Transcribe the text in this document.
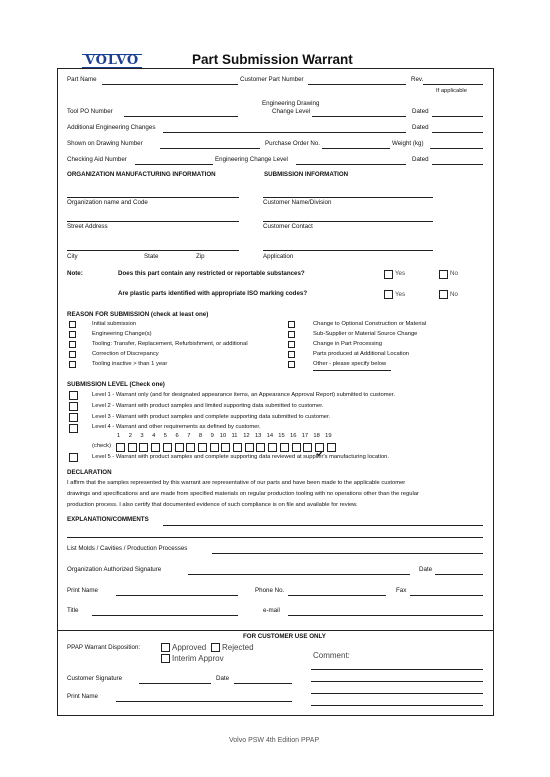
VOLVO	Part Submission Warrant
Part Name	Customer Part Number	Rev.
If applicable
Engineering Drawing
Tool PO Number	Change Level	Dated
Additional Engineering Changes	Dated
Shown on Drawing Number	Purchase Order No.	Weight (kg)
Checking Aid Number	Engineering Change Level	Dated
ORGANIZATION MANUFACTURING INFORMATION	SUBMISSION INFORMATION
Organization name and Code	Customer Name/Division
Street Address	Customer Contact
City	State	Zip	Application
Note:	Does this part contain any restricted or reportable substances?	Yes	No
Are plastic parts identified with appropriate ISO marking codes?	Yes	No
REASON FOR SUBMISSION (check at least one)
Initial submission
Engineering Change(s)
Tooling: Transfer, Replacement, Refurbishment, or additional
Correction of Discrepancy
Tooling inactive > than 1 year
Change to Optional Construction or Material
Sub-Supplier or Material Source Change
Change in Part Processing
Parts produced at Additional Location
Other - please specify below
SUBMISSION LEVEL (Check one)
Level 1 - Warrant only (and for designated appearance items, an Appearance Approval Report) submitted to customer.
Level 2 - Warrant with product samples and limited supporting data submitted to customer.
Level 3 - Warrant with product samples and complete supporting data submitted to customer.
Level 4 - Warrant and other requirements as defined by customer.
1 2 3 4 5 6 7 8 9 10 11 12 13 14 15 16 17 18 19
(check)
Level 5 - Warrant with product samples and complete supporting data reviewed at supplier's manufacturing location.
DECLARATION
I affirm that the samples represented by this warrant are representative of our parts and have been made to the applicable customer
drawings and specifications and are made from specified materials on regular production tooling with no operations other than the regular
production process. I also certify that documented evidence of such compliance is on file and available for review.
EXPLANATION/COMMENTS
List Molds / Cavities / Production Processes
Organization Authorized Signature	Date
Print Name	Phone No.	Fax
Title	e-mail
FOR CUSTOMER USE ONLY
PPAP Warrant Disposition:	Approved Rejected
Interim Approv	Comment:
Customer Signature	Date
Print Name
Volvo PSW 4th Edition PPAP
